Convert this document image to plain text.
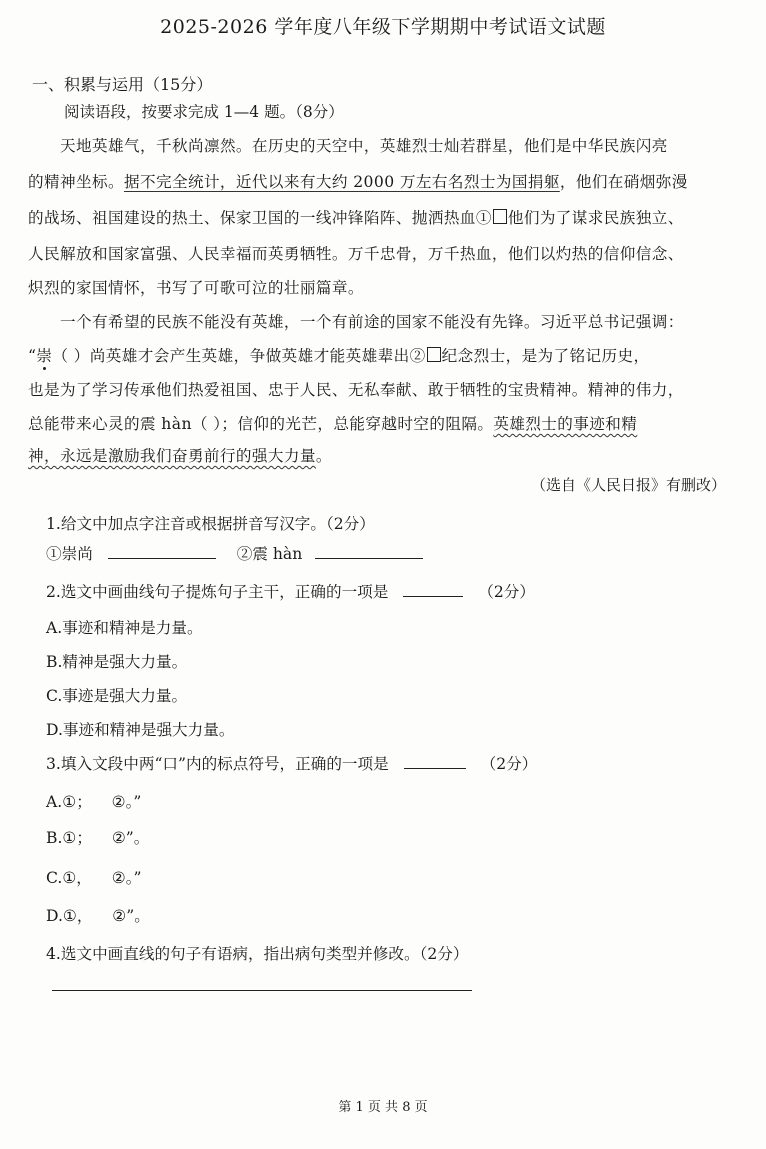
2025-2026 学年度八年级下学期期中考试语文试题
一、积累与运用（15分）
阅读语段，按要求完成 1—4 题。（8分）
天地英雄气，千秋尚凛然。在历史的天空中，英雄烈士灿若群星，他们是中华民族闪亮
的精神坐标。据不完全统计，近代以来有大约 2000 万左右名烈士为国捐躯，他们在硝烟弥漫
的战场、祖国建设的热土、保家卫国的一线冲锋陷阵、抛洒热血① 他们为了谋求民族独立、
人民解放和国家富强、人民幸福而英勇牺牲。万千忠骨，万千热血，他们以灼热的信仰信念、
炽烈的家国情怀，书写了可歌可泣的壮丽篇章。
一个有希望的民族不能没有英雄，一个有前途的国家不能没有先锋。习近平总书记强调：
“崇（ ）尚英雄才会产生英雄，争做英雄才能英雄辈出② 纪念烈士，是为了铭记历史，
也是为了学习传承他们热爱祖国、忠于人民、无私奉献、敢于牺牲的宝贵精神。精神的伟力，
总能带来心灵的震 hàn（ ）；信仰的光芒，总能穿越时空的阻隔。英雄烈士的事迹和精
神，永远是激励我们奋勇前行的强大力量。
（选自《人民日报》有删改）
1.给文中加点字注音或根据拼音写汉字。（2分）
①崇尚	②震 hàn
2.选文中画曲线句子提炼句子主干，正确的一项是	（2分）
A.事迹和精神是力量。
B.精神是强大力量。
C.事迹是强大力量。
D.事迹和精神是强大力量。
3.填入文段中两“口”内的标点符号，正确的一项是	（2分）
A.①；    ②。”
B.①；    ②”。
C.①，    ②。”
D.①，    ②”。
4.选文中画直线的句子有语病，指出病句类型并修改。（2分）
第 1 页 共 8 页
